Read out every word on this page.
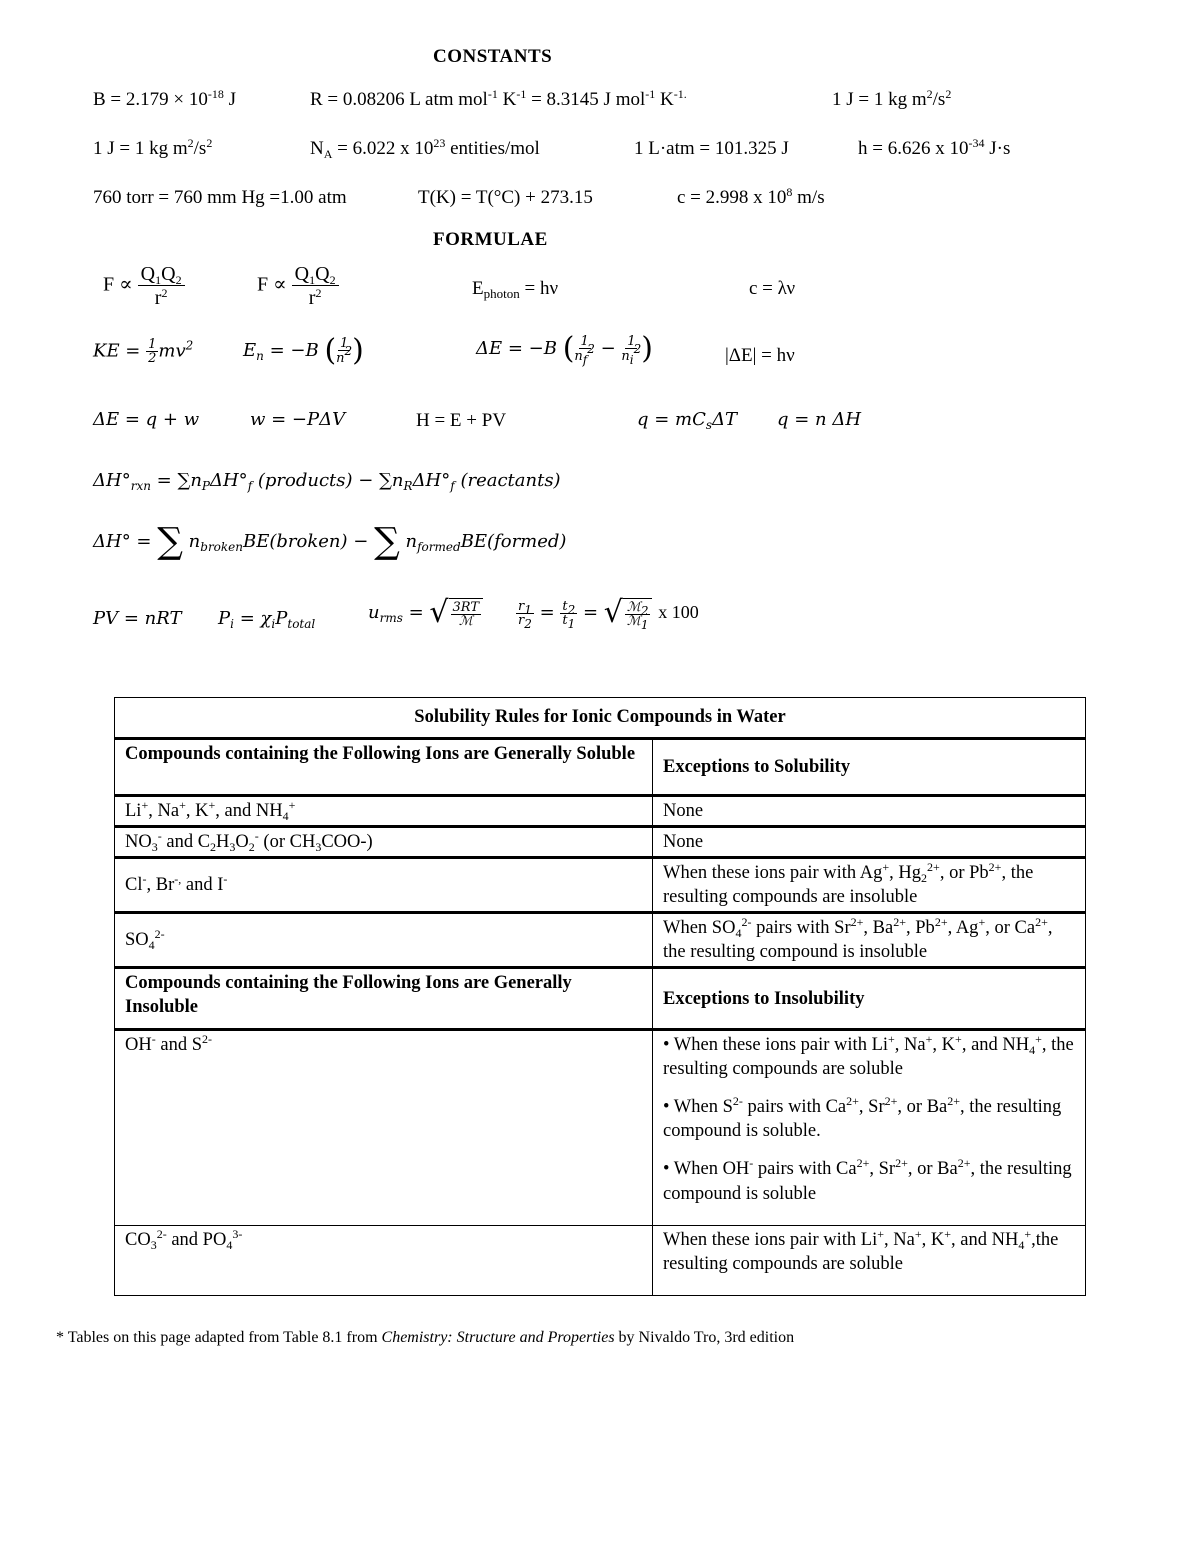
CONSTANTS
$B = 2.179 \times 10^{-18}$ J	R = 0.08206 L atm mol$^{-1}$ $K^{-1} = 8.3145$ J mol$^{-1}$ $K^{-1.}$	1 J = 1 kg $m^2/s^2$
1 J = 1 kg $m^2/s^2$	$N_A = 6.022$ x $10^{23}$ entities/mol	1 L·atm = 101.325 J	h = 6.626 x $10^{-34}$ J·s
760 torr = 760 mm Hg =1.00 atm	T(K) = T(°C) + 273.15	c = 2.998 x $10^8$ m/s
FORMULAE
$F \propto \frac{Q_1Q_2}{r^2}$	$F \propto \frac{Q_1Q_2}{r^2}$	$E_{photon} = h\nu$	c = λν
KE = $\frac{1}{2} mv^2$	$E_n = -B$ ( $\frac{1}{n^2}$ )	ΔE = −B ( $\frac{1}{n_f^2} - \frac{1}{n_i^2}$ )	|ΔE| = hν
ΔE = q + w	w = −PΔV	H = E + PV	$q = mC_s\Delta T$ q = n ΔH
$\Delta H^\circ_{rxn} = \sum n_P\Delta H^\circ_f$ (products) − $\sum n_R\Delta H^\circ_f$ (reactants)
ΔH° = ∑ $n_{broken}BE(broken)$ − ∑ $n_{formed}BE(formed)$
PV = nRT $P_i = \chi_iP_{total}$
$u_{rms}$ = √ $\frac{3RT}{\text{ℳ}}$	$\frac{r_1}{r_2} = \frac{t_2}{t_1}$ = √ $\frac{ℳ_2}{ℳ_1}$ x 100
Solubility Rules for Ionic Compounds in Water	
Compounds containing the Following Ions are Generally Soluble	Exceptions to Solubility
Li+, Na+, K+, and $NH_4^+$	None
$NO_3^-$ and $C_2H_3O_2^-$ (or $CH_3COO-$)	None
Cl-, Br-, and I-	When these ions pair with Ag+, $Hg_2^{2+}$, or $Pb^{2+}$, the resulting compounds are insoluble
$SO_4^{2-}$	When $SO_4^{2-}$ pairs with $Sr^{2+}$, $Ba^{2+}$, $Pb^{2+}$, Ag+, or $Ca^{2+}$, the resulting compound is insoluble
Compounds containing the Following Ions are Generally Insoluble	Exceptions to Insolubility
OH- and $S^{2-}$	• When these ions pair with Li+, Na+, K+, and $NH_4^+$, the resulting compounds are soluble
• When $S^{2-}$ pairs with $Ca^{2+}$, $Sr^{2+}$, or $Ba^{2+}$, the resulting compound is soluble.
• When OH- pairs with $Ca^{2+}$, $Sr^{2+}$, or $Ba^{2+}$, the resulting compound is soluble

$CO_3^{2-}$ and $PO_4^{3-}$	When these ions pair with Li+, Na+, K+, and $NH_4^+,the$ resulting compounds are soluble
* Tables on this page adapted from Table 8.1 from Chemistry: Structure and Properties by Nivaldo Tro, 3rd edition
